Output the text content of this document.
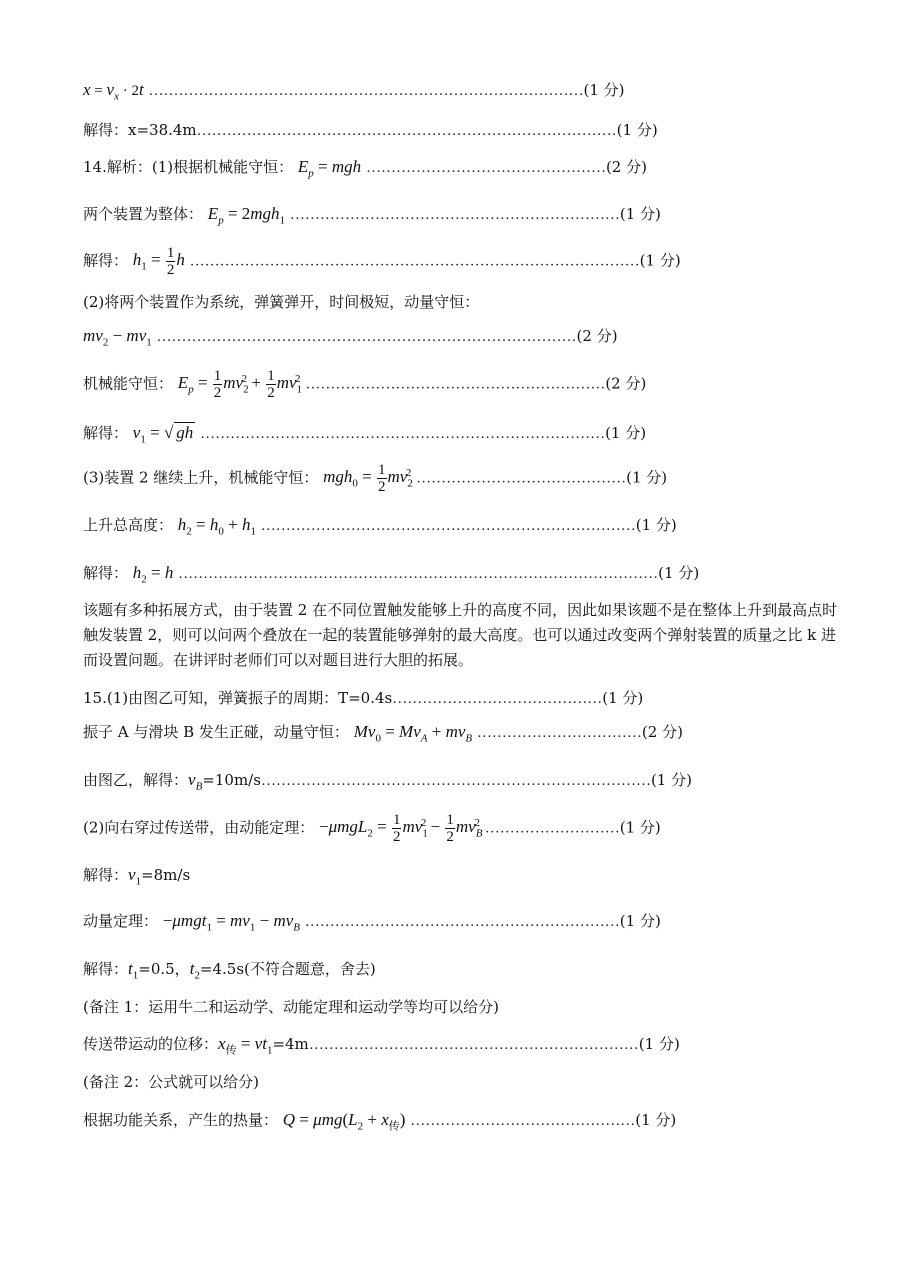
$x = v_x \cdot 2t$ ……………………………………………………………………………(1 分)
解得：x=38.4m…………………………………………………………………………(1 分)
14.解析：(1)根据机械能守恒： $E_p$ = mgh …………………………………………(2 分)
两个装置为整体： $E_p = 2mgh_1$ …………………………………………………………(1 分)
解得： $h_1 = \frac{1}{2}$ h ………………………………………………………………………………(1 分)
(2)将两个装置作为系统，弹簧弹开，时间极短，动量守恒：
$mv_2 - mv_1$ …………………………………………………………………………(2 分)
机械能守恒： $E_p = \frac{1}{2} mv_2^2 + \frac{1}{2} mv_1^2$ ……………………………………………………(2 分)
解得： $v_1$ = √ gh ………………………………………………………………………(1 分)
(3)装置 2 继续上升，机械能守恒： $mgh_0 = \frac{1}{2} mv_2^2$ ……………………………………(1 分)
上升总高度： $h_2 = h_0 + h_1$ …………………………………………………………………(1 分)
解得： $h_2 = h$ ……………………………………………………………………………………(1 分)
该题有多种拓展方式，由于装置 2 在不同位置触发能够上升的高度不同，因此如果该题不是在整体上升到最高点时触发装置 2，则可以问两个叠放在一起的装置能够弹射的最大高度。也可以通过改变两个弹射装置的质量之比 k 进而设置问题。在讲评时老师们可以对题目进行大胆的拓展。
15.(1)由图乙可知，弹簧振子的周期：T=0.4s……………………………………(1 分)
振子 A 与滑块 B 发生正碰，动量守恒： $Mv_0 = Mv_A + mv_B$ ……………………………(2 分)
由图乙，解得：$v_B=10m/s\dots\dots\dots\dots\dots\dots\dots\dots\dots\dots\dots\dots\dots\dots\dots\dots\dots\dots\dots\dots\dots\dots\dots\dots\dots\dots(1$ 分)
(2)向右穿过传送带，由动能定理： $-\mu mgL_2 = \frac{1}{2} mv_1^2 - \frac{1}{2} mv_B^2$ ………………………(1 分)
解得：$v_1=8m/s$
动量定理： $-\mu mgt_1 = mv_1 - mv_B$ ………………………………………………………(1 分)
解得：$t_1=0.5$，$t_2=4.5s$(不符合题意，舍去)
(备注 1：运用牛二和运动学、动能定理和运动学等均可以给分)
传送带运动的位移：$x_传$ = $vt_1=4m\dots\dots\dots\dots\dots\dots\dots\dots\dots\dots\dots\dots\dots\dots\dots\dots\dots\dots\dots\dots\dots\dots(1$ 分)
(备注 2：公式就可以给分)
根据功能关系，产生的热量： $Q = \mu mg(L_2 + x_传)$ ………………………………………(1 分)
